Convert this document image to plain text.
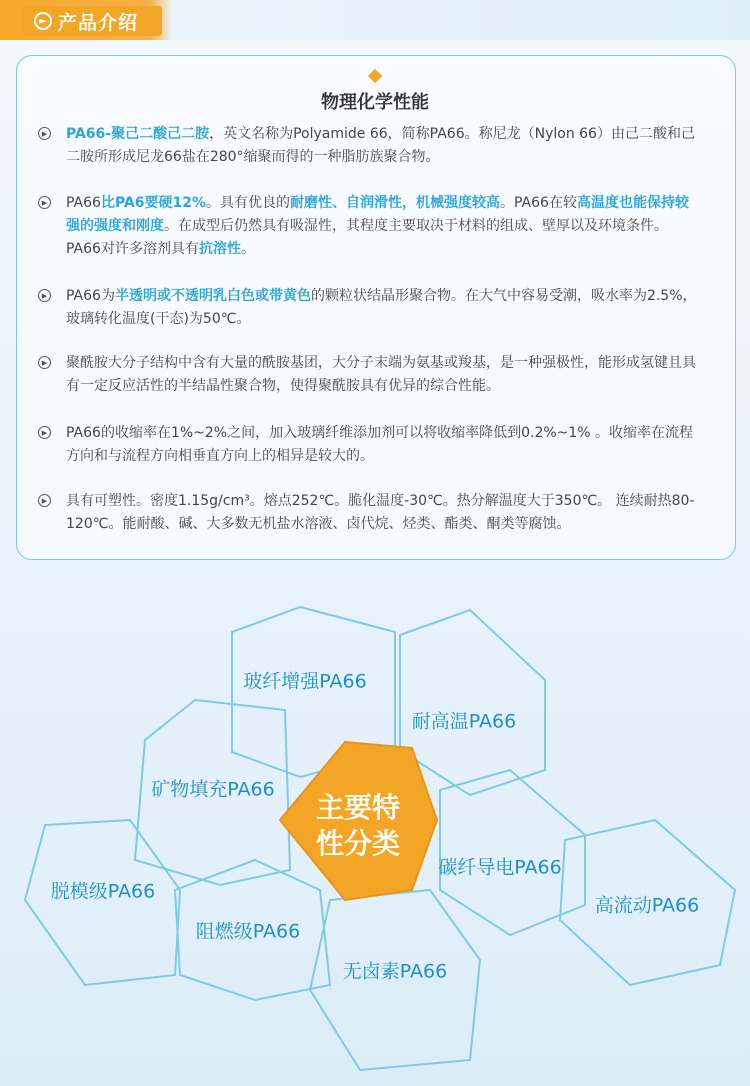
► 产品介绍
物理化学性能
▶ PA66-聚己二酸己二胺，英文名称为Polyamide 66，简称PA66。称尼龙（Nylon 66）由己二酸和己二胺所形成尼龙66盐在280°缩聚而得的一种脂肪族聚合物。

▶ PA66比PA6要硬12%。具有优良的耐磨性、自润滑性，机械强度较高。PA66在较高温度也能保持较强的强度和刚度。在成型后仍然具有吸湿性，其程度主要取决于材料的组成、壁厚以及环境条件。PA66对许多溶剂具有抗溶性。

▶ PA66为半透明或不透明乳白色或带黄色的颗粒状结晶形聚合物。在大气中容易受潮，吸水率为2.5%，玻璃转化温度(干态)为50℃。

▶ 聚酰胺大分子结构中含有大量的酰胺基团，大分子末端为氨基或羧基，是一种强极性，能形成氢键且具有一定反应活性的半结晶性聚合物，使得聚酰胺具有优异的综合性能。

▶ PA66的收缩率在1%~2%之间，加入玻璃纤维添加剂可以将收缩率降低到0.2%~1% 。收缩率在流程方向和与流程方向相垂直方向上的相异是较大的。

▶ 具有可塑性。密度1.15g/cm³。熔点252℃。脆化温度-30℃。热分解温度大于350℃。 连续耐热80-120℃。能耐酸、碱、大多数无机盐水溶液、卤代烷、烃类、酯类、酮类等腐蚀。

玻纤增强PA66
耐高温PA66
矿物填充PA66
碳纤导电PA66
脱模级PA66
阻燃级PA66
无卤素PA66
高流动PA66
主要特
性分类
